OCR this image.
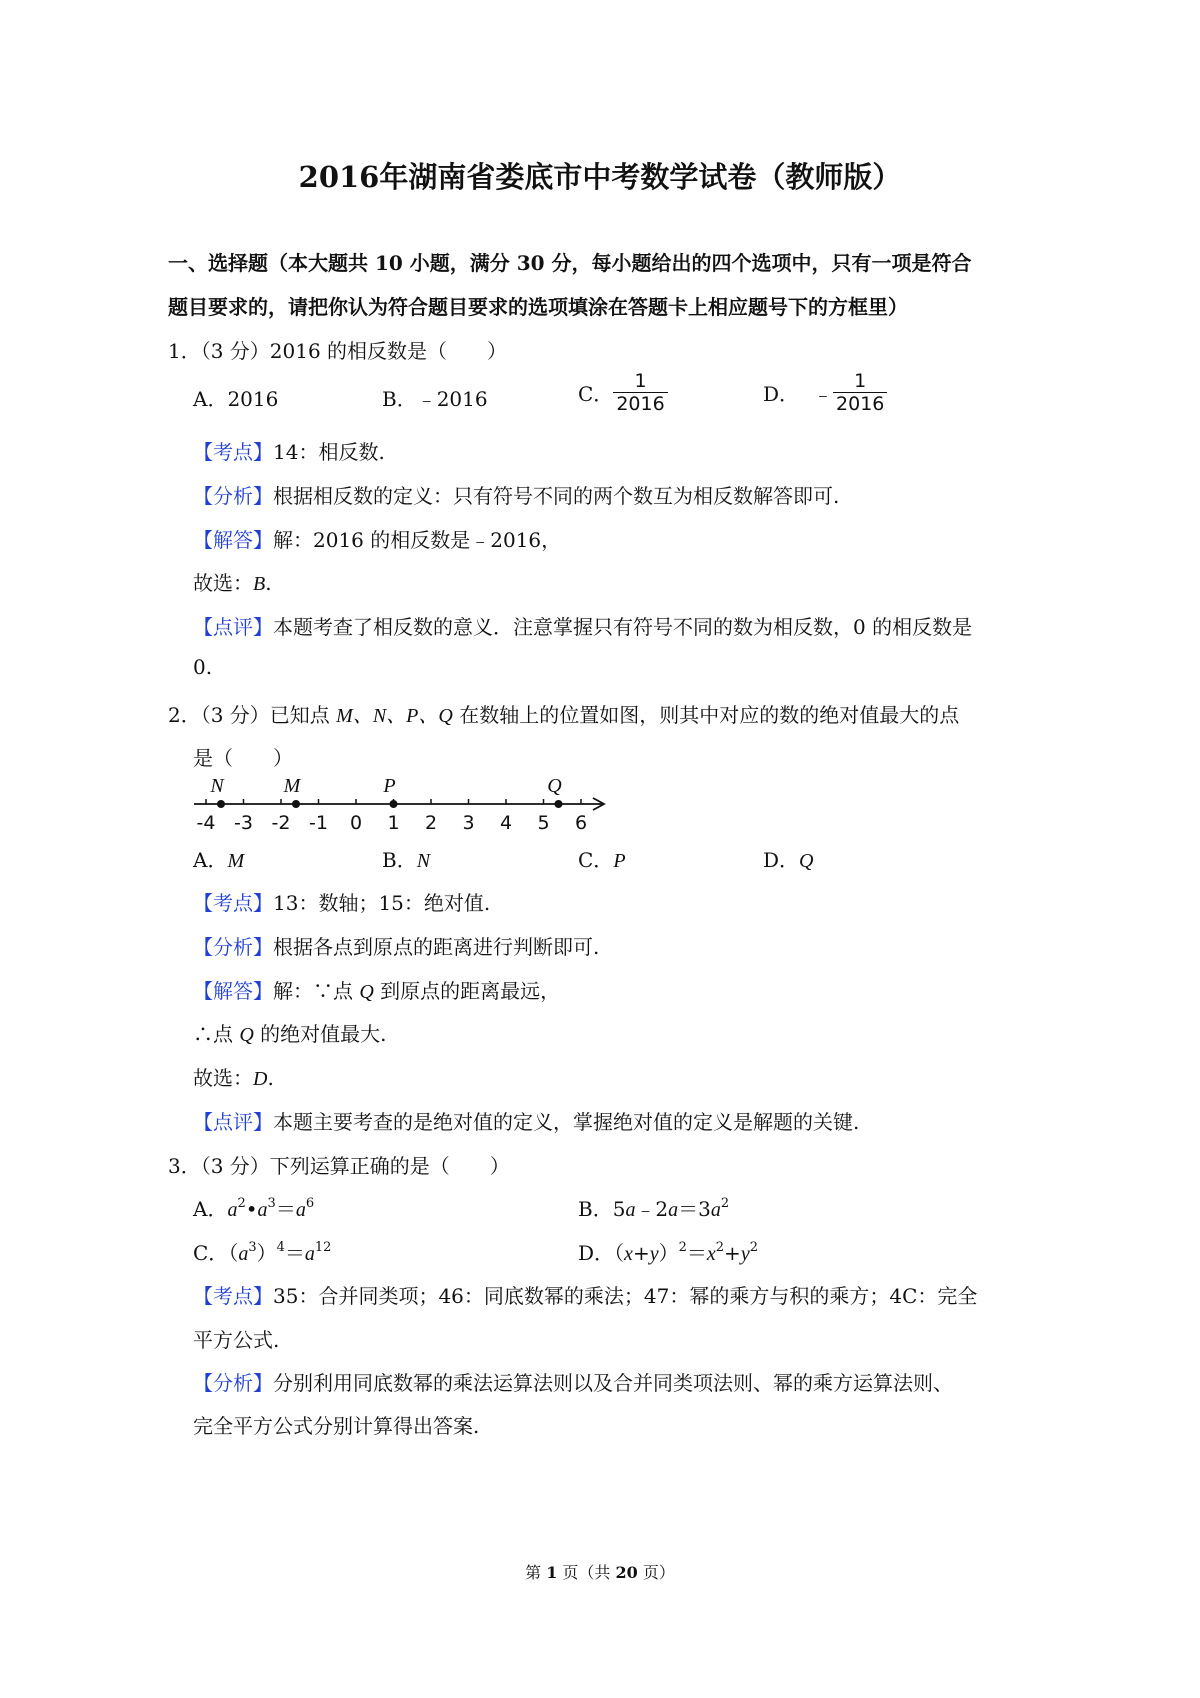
2016年湖南省娄底市中考数学试卷（教师版）
一、选择题（本大题共 10 小题，满分 30 分，每小题给出的四个选项中，只有一项是符合
题目要求的，请把你认为符合题目要求的选项填涂在答题卡上相应题号下的方框里）
1．（3 分）2016 的相反数是（　　）
A．2016	B．﹣2016	C． $\frac{1}{2016}$	D． ﹣ $\frac{1}{2016}$
【考点】14：相反数.
【分析】根据相反数的定义：只有符号不同的两个数互为相反数解答即可.
【解答】解：2016 的相反数是﹣2016，
故选：B.
【点评】本题考查了相反数的意义．注意掌握只有符号不同的数为相反数，0 的相反数是
0.
2．（3 分）已知点 M、N、P、Q 在数轴上的位置如图，则其中对应的数的绝对值最大的点
是（　　）
-4 -3 -2 -1 0 1 2 3 4 5 6
N	M	P	Q
A．M	B．N	C．P	D．Q
【考点】13：数轴；15：绝对值.
【分析】根据各点到原点的距离进行判断即可.
【解答】解：∵点 Q 到原点的距离最远，
∴点 Q 的绝对值最大.
故选：D.
【点评】本题主要考查的是绝对值的定义，掌握绝对值的定义是解题的关键.
3．（3 分）下列运算正确的是（　　）
A．$a^2•a^3=a^6$	B．$5a﹣2a=3a^2$
C．$(a^3)^4=a^{12}$	D．$(x+y)^2=x^2+y^2$
【考点】35：合并同类项；46：同底数幂的乘法；47：幂的乘方与积的乘方；4C：完全
平方公式.
【分析】分别利用同底数幂的乘法运算法则以及合并同类项法则、幂的乘方运算法则、
完全平方公式分别计算得出答案.
第 1 页（共 20 页）
